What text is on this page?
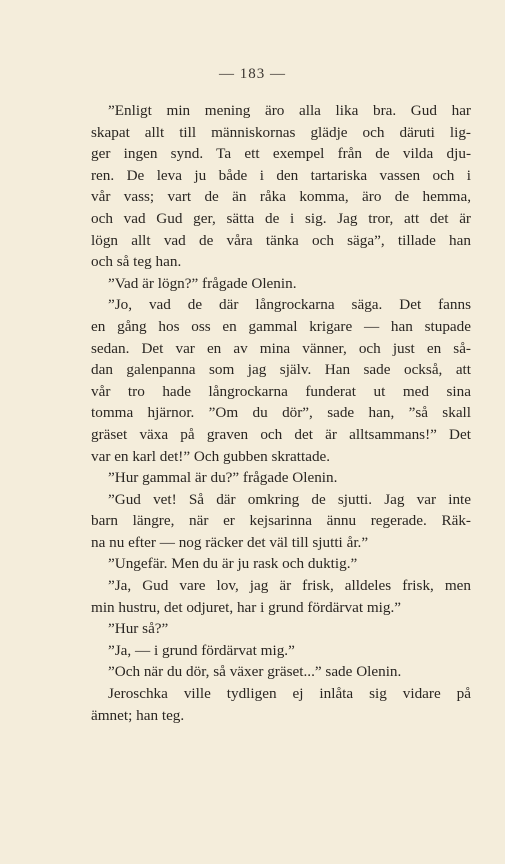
— 183 —

”Enligt min mening äro alla lika bra. Gud har
skapat allt till människornas glädje och däruti lig-
ger ingen synd. Ta ett exempel från de vilda dju-
ren. De leva ju både i den tartariska vassen och i
vår vass; vart de än råka komma, äro de hemma,
och vad Gud ger, sätta de i sig. Jag tror, att det är
lögn allt vad de våra tänka och säga”, tillade han
och så teg han.

”Vad är lögn?” frågade Olenin.

”Jo, vad de där långrockarna säga. Det fanns
en gång hos oss en gammal krigare — han stupade
sedan. Det var en av mina vänner, och just en så-
dan galenpanna som jag själv. Han sade också, att
vår tro hade långrockarna funderat ut med sina
tomma hjärnor. ”Om du dör”, sade han, ”så skall
gräset växa på graven och det är alltsammans!” Det
var en karl det!” Och gubben skrattade.

”Hur gammal är du?” frågade Olenin.

”Gud vet! Så där omkring de sjutti. Jag var inte
barn längre, när er kejsarinna ännu regerade. Räk-
na nu efter — nog räcker det väl till sjutti år.”

”Ungefär. Men du är ju rask och duktig.”

”Ja, Gud vare lov, jag är frisk, alldeles frisk, men
min hustru, det odjuret, har i grund fördärvat mig.”

”Hur så?”

”Ja, — i grund fördärvat mig.”

”Och när du dör, så växer gräset...” sade Olenin.

Jeroschka ville tydligen ej inlåta sig vidare på
ämnet; han teg.
